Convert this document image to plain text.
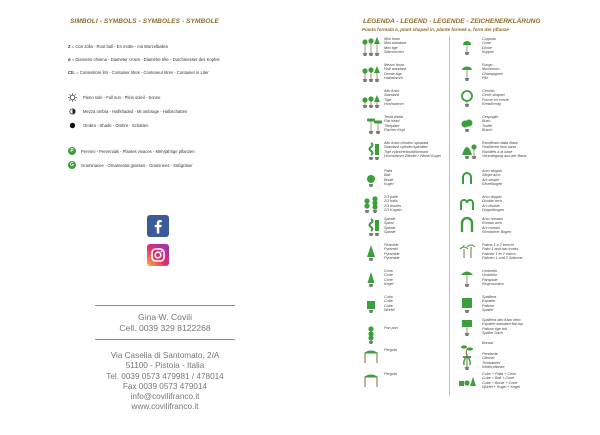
SIMBOLI - SYMBOLS - SYMBOLES - SYMBOLE
Z = Con zolla - Root ball - En motte - mit Wurzelballen
ø = Diametro chioma - Diameter crown - Diamètre tête - Durchmesser des Kopfes
Ctr. = Contenitore litri - Container litres - Conteneur litres - Container in Liter
Pieno sole - Full sun - Plein soleil - Sonne
Mezza ombra - Halfshaded - Mi ombrage - Halbschatten
Ombra - Shade - Ombre - Schatten
P	Perenni - Perennials - Plantes vivaces - Mehrjährige pflanzen
G	Graminacee - Ornamental grasses - Graminées - Süßgräser
Gina W. Covili
Cell. 0039 329 8122268
Via Casella di Santomato, 2/A
51100 - Pistoia - Italia
Tel. 0039 0573 479981 / 478014
Fax 0039 0573 479014
info@covilifranco.it
www.covilifranco.it
LEGENDA - LEGEND - LEGENDE - ZEICHENERKLÄRUNG
Pianta formata a, plant shaped in, plante formeé a, form der pflanze
Mini fusto
Mini standard
Mini tige
Stämmchen
Mezzo fusto
Half standard
Demie-tige
Halbstamm
Alto fusto
Standard
Tige
Hochstamm
Testa piatta
Flat head
Têteplate
Flacher Kopf
Alto fusto cilindro/ spiralata
Standard cylinder/spiralled
Tige cylindre/tourbillonnant
Hochstamm Zilinder / Wirbel Kugel
Palla
Ball
Boule
Kugel
2/3 palle
2/3 balls
2/3 boules
2/3 Kugeln
Spirale
Spiral
Spirale
Spirale
Piramide
Pyramid
Pyramide
Pyramide
Cono
Cone
Cône
Kegel
Cubo
Cube
Cube
Würfel
Pon pon
Pergola
Pérgola
Cuppola
Cone
Dôme
Kuppel
Fungo
Mushroom
Champignon
Pilz
Cerchio
Circle shaped
Forme en cercle
Kreisförmig
Cespuglio
Bush
Touffe
Busch
Ramificato dalla Basa
Feathered from base
Ramifiés à la base
Verzweigung aus der Basis
Arco singolo
Single arch
Arc simple
Einzelbogen
Arco doppio
Double arch
Arc double
Doppelbogen
Arco romano
Roman arch
Arc romain
Römischer Bogen
Palma 1 a 2 tronchi
Palm 1 and two trunks
Palmier 1 et 2 troncs
Palmen 1 und 2 Stämme
Ombrello
Umbrella
Parapluie
Regenschirm
Spalliera
Espalier
Palisse
Spalier
Spalliera alto fusto tetto
Espalier standard flat top
Palisse tige toit
Spalier Dach
Bonsai
Pendente
Climber
Tombantes
Kletterpflanze
Cubo + Palla + Cono
Cube + Ball + Cone
Cube + Boule + Cone
Würfel + Kugel + Kegel
